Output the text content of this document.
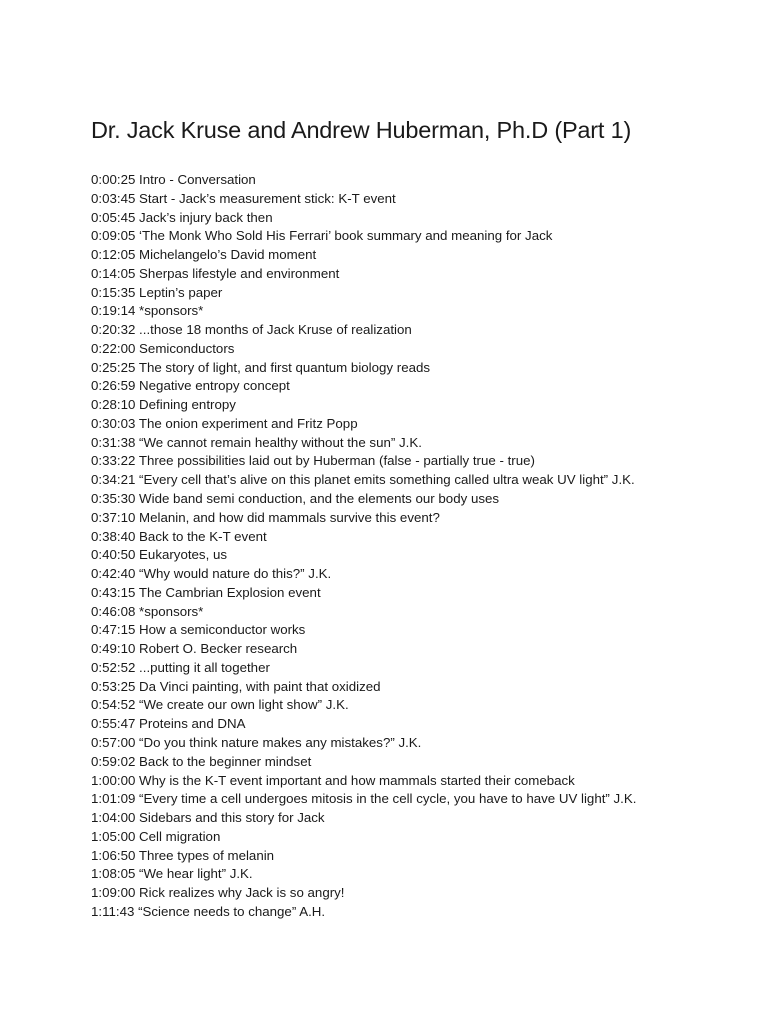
Dr. Jack Kruse and Andrew Huberman, Ph.D (Part 1)
0:00:25 Intro - Conversation
0:03:45 Start - Jack’s measurement stick: K-T event
0:05:45 Jack’s injury back then
0:09:05 ‘The Monk Who Sold His Ferrari’ book summary and meaning for Jack
0:12:05 Michelangelo’s David moment
0:14:05 Sherpas lifestyle and environment
0:15:35 Leptin’s paper
0:19:14 *sponsors*
0:20:32 ...those 18 months of Jack Kruse of realization
0:22:00 Semiconductors
0:25:25 The story of light, and first quantum biology reads
0:26:59 Negative entropy concept
0:28:10 Defining entropy
0:30:03 The onion experiment and Fritz Popp
0:31:38 “We cannot remain healthy without the sun” J.K.
0:33:22 Three possibilities laid out by Huberman (false - partially true - true)
0:34:21 “Every cell that’s alive on this planet emits something called ultra weak UV light” J.K.
0:35:30 Wide band semi conduction, and the elements our body uses
0:37:10 Melanin, and how did mammals survive this event?
0:38:40 Back to the K-T event
0:40:50 Eukaryotes, us
0:42:40 “Why would nature do this?” J.K.
0:43:15 The Cambrian Explosion event
0:46:08 *sponsors*
0:47:15 How a semiconductor works
0:49:10 Robert O. Becker research
0:52:52 ...putting it all together
0:53:25 Da Vinci painting, with paint that oxidized
0:54:52 “We create our own light show” J.K.
0:55:47 Proteins and DNA
0:57:00 “Do you think nature makes any mistakes?” J.K.
0:59:02 Back to the beginner mindset
1:00:00 Why is the K-T event important and how mammals started their comeback
1:01:09 “Every time a cell undergoes mitosis in the cell cycle, you have to have UV light” J.K.
1:04:00 Sidebars and this story for Jack
1:05:00 Cell migration
1:06:50 Three types of melanin
1:08:05 “We hear light” J.K.
1:09:00 Rick realizes why Jack is so angry!
1:11:43 “Science needs to change” A.H.
